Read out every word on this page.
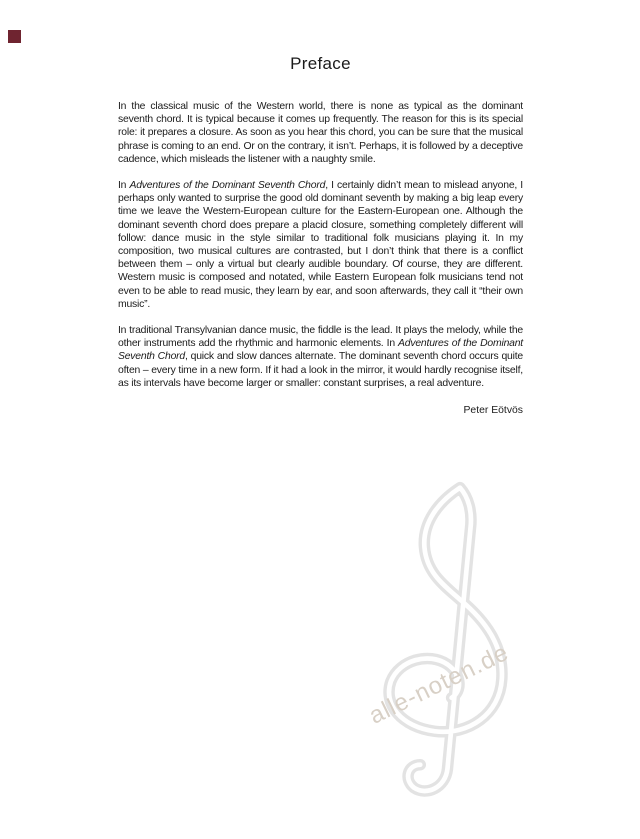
Preface

In the classical music of the Western world, there is none as typical as the dominant seventh chord. It is typical because it comes up frequently. The reason for this is its special role: it prepares a closure. As soon as you hear this chord, you can be sure that the musical phrase is coming to an end. Or on the contrary, it isn’t. Perhaps, it is followed by a deceptive cadence, which misleads the listener with a naughty smile.

In Adventures of the Dominant Seventh Chord, I certainly didn’t mean to mislead anyone, I perhaps only wanted to surprise the good old dominant seventh by making a big leap every time we leave the Western-European culture for the Eastern-European one. Although the dominant seventh chord does prepare a placid closure, something completely different will follow: dance music in the style similar to traditional folk musicians playing it. In my composition, two musical cultures are contrasted, but I don’t think that there is a conflict between them – only a virtual but clearly audible boundary. Of course, they are different. Western music is composed and notated, while Eastern European folk musicians tend not even to be able to read music, they learn by ear, and soon afterwards, they call it “their own music”.

In traditional Transylvanian dance music, the fiddle is the lead. It plays the melody, while the other instruments add the rhythmic and harmonic elements. In Adventures of the Dominant Seventh Chord, quick and slow dances alternate. The dominant seventh chord occurs quite often – every time in a new form. If it had a look in the mirror, it would hardly recognise itself, as its intervals have become larger or smaller: constant surprises, a real adventure.

Peter Eötvös
alle-noten.de
